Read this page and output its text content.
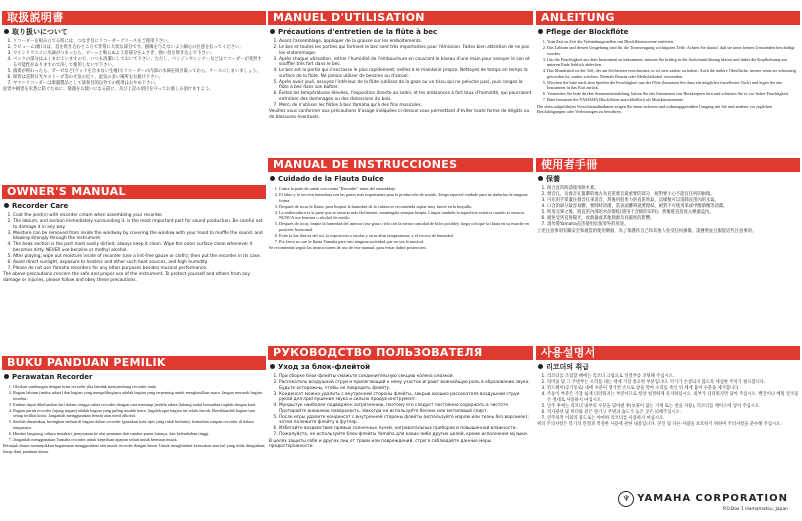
取扱説明書
取り扱いについて
1. リコーダーを組み立てる時には、つなぎ目にリコーダーグリースをご使用下さい。
2. ラビューム(歌口)は、息を吹き込むところで非常に大切な部分です。損傷を与えないよう細心の注意を払ってください。
3. ウインドウエイに水滴がつまったら、ピーっと鳴らぬよう窓部分をふさぎ、強い息を吹き込んで下さい。
4. ベックの部分はふくまれていますので、いつも清潔にしておいて下さい。ただし、ベンジンやシンナーなどはリコーダーが変形する可能性がありますので決して使用しないで下さい。
5. 演奏が終わったら、ガーゼなど(ウッドを含まない生地)でリコーダーの内部の水滴を拭き取ってから、ケースにしまいましょう。
6. 保管は直射日光やストーブ等の火気の近く、湿気の多い場所をお避け下さい。
7. ヤマハリコーダーは楽器製品として演奏目的以外での使用はおやめ下さい。

危害や損害を未然に防ぐために、楽器をお使いになる前に、及び上記の項目を守ってお楽しみ頂けますよう。

OWNER'S MANUAL
Recorder Care
1. Coat the joint(s) with recorder cream when assembling your recorder.
2. The labium, and section immediately surrounding it, is the most important part for sound production. Be careful not to damage it in any way.
3. Moisture can be removed from inside the windway by covering the window with your hand to muffle the sound, and blowing strongly through the instrument.
4. The beak section is the part most easily dirtied; always keep it clean. Wipe the outer surface clean whenever it becomes dirty. NEVER use benzine or methyl alcohol.
5. After playing, wipe out moisture inside of recorder (use a lint-free gauze or cloth); then put the recorder in its case.
6. Avoid direct sunlight, exposure to heaters and other such heat sources, and high humidity.
7. Please do not use Yamaha recorders for any other purposes besides musical performance.

The above precautions concern the safe and proper use of the instrument. To protect yourself and others from any damage or injuries, please follow and obey these precautions.

BUKU PANDUAN PEMILIK
Perawatan Recorder
1. Oleskan sambungan dengan krim recorder jika hendak menyambung recorder anda.
2. Bagian labium (mulut udara) dan bagian yang mengelilinginya adalah bagian yang terpenting untuk menghasilkan suara. Jangan merusak bagian tersebut.
3. Embun dapat dikeluarkan dari dalam rongga udara recorder dengan cara menutup jendela udara (lubang nada) kemudian tiuplah dengan kuat.
4. Bagian paruh recorder (ujung tiupan) adalah bagian yang paling mudah kotor. Jagalah agar bagian ini selalu bersih. Bersihkanlah bagian luar setiap terlihat kotor. Janganlah menggunakan bensin atau metil alkohol.
5. Setelah dimainkan, keringkan embun di bagian dalam recorder (gunakan kain tipis yang tidak berbulu); kemudian simpan recorder di dalam tempatnya.
6. Hindari langsung cahaya matahari, penyinaran ke alat pemanas dan sumber panas lainnya, dan kelembaban tinggi.
7. Janganlah menggunakan Yamaha recorder untuk keperluan apapun selain untuk bermain musik.

Petunjuk diatas menunjukkan bagaimana menggunakan alat musik recorder dengan benar. Untuk menghindari kerusakan atau hal yang tidak diinginkan; harap ikuti panduan diatas.

MANUEL D'UTILISATION
Précautions d'entretien de la flûte à bec
1. Avant l'assemblage, appliquer de la graisse sur les emboîtements.
2. Le bec et toutes les parties qui forment le bec sont très importantes pour l'émission. Faites bien attention de ne pas les endommager.
3. Après chaque utilisation, retirer l'humidité de l'embouchure en couvrant le biseau d'une main pour essayer le son et souffler très fort dans le bec.
4. Le bec est la partie qui s'encrasse le plus rapidement; veillez à le maintenir propre. Nettoyez de temps en temps la surface de la flûte. Ne jamais utiliser de benzine ou d'alcool.
5. Après avoir joué, essuyez l'intérieur de la flûte (utilisez de la gaze ou un tissu qui ne peluche pas), puis rangez la flûte à bec dans son boîtier.
6. Évitez les températures élevées, l'exposition directe au soleil, et les ambiances à fort taux d'humidité, qui pourraient entraîner des dommages ou des distorsions du bois.
7. Merci de n'utiliser les flûtes à bec Yamaha qu'à des fins musicales.

Veuillez vous conformer aux précautions d'usage indiquées ci-dessus vous permettant d'éviter toute forme de dégâts ou de blessures éventuels.

MANUAL DE INSTRUCCIONES
Cuidado de la Flauta Dulce
1. Cubra la parte de unión con crema "Recorder" antes del ensamblaje.
2. El labio y la sección inmediata son las partes más importantes para la producción de sonido. Tenga especial cuidado para no dañarlas de ninguna forma.
3. Después de tocar la flauta, para limpiar la humedad de la cabeza se recomienda soplar muy fuerte en la boquilla.
4. La embocadura es la parte que se ensucia más fácilmente; manténgala siempre limpia. Limpie también la superficie exterior cuando se ensucie. NUNCA use bencina o alcohol de metilo.
5. Después de tocar, limpie la humedad del interior (use gasa o tela con la menor cantidad de hilos posible); luego coloque la flauta en su estuche en posición horizontal.
6. Evite la luz directa del sol, la exposición a estufas y otras altas temperaturas, y el exceso de humedad.
7. Por favor no use la flauta Yamaha para otro ninguna actividad que no sea la musical.

Se recomienda seguir las instrucciones de uso de este manual, para evitar daños posteriores.

РУКОВОДСТВО ПОЛЬЗОВАТЕЛЯ
Уход за блок-флейтой
1. При сборке блок-флейты смажьте соединительную секцию колена смазкой.
2. Рассекатель воздушной струи и прилегающий к нему участок играют важнейшую роль в образовании звука. Будьте осторожны, чтобы не повредить флейту.
3. Конденсат можно удалить с внутренней стороны флейты, закрыв окошко рассекателя воздушной струи рукой для приглушения звука и сильно продув инструмент.
4. Мундштук наиболее подвержен загрязнению, поэтому его следует постоянно содержать в чистоте. Протирайте внешнюю поверхность. Никогда не используйте бензин или метиловый спирт.
5. После игры удалите конденсат с внутренней стороны флейты (используйте марлю или ткань без ворсинок); затем положите флейту в футляр.
6. Избегайте воздействия прямых солнечных лучей, нагревательных приборов и повышенной влажности.
7. Пожалуйста, не используйте блок-флейты Yamaha для каких-либо других целей, кроме исполнения музыки.

В целях защиты себя и других лиц от травм или повреждений, строго соблюдайте данные меры предосторожности.

ANLEITUNG
Pflege der Blockflöte
1. Vom Zeit zu Zeit die Verbindungsstellen mit Blockflötenscreme einfetten.
2. Das Labium und dessen Umgebung sind für die Tonerzeugung wichtigsten Teile. Achten Sie darauf, daß sie unter keinen Umständen beschädigt werden.
3. Um die Feuchtigkeit aus dem Instrument zu bekommen, müssen Sie kräftig in die Aufschnittöffnung blasen und dabei die Kopfbohrung am unteren Ende lieblich abdecken.
4. Das Mundstück ist der Teil, der am leichtesten verschmutzt; es ist stets sauber zu halten. Auch die äußere Oberfläche, immer wenn sie schmutzig geworden ist, sauber wischen. Niemals Benzin oder Methylalkohol verwenden.
5. Wischen Sie bitte nach dem Spielen die Feuchtigkeit aus der Flöte (benutzen Sie dazu ein möglichst fusselfreies Tuch) und legen Sie das Instrument in das Etui zurück.
6. Vermeiden Sie bitte direkte Sonneneinstrahlung, halten Sie das Instrument von Heizkörpern fern und schützen Sie es vor hoher Feuchtigkeit.
7. Bitte benutzen Sie YAMAHA Blockflöten ausschließlich als Musikinstrumente.

Die oben aufgeführten Vorsichtsmaßnahmen zeigen Ihr einen sicheren und ordnungsgemäßen Umgang mit Sie und anderer vor jeglichen Beschädigungen oder Verletzungen zu bewahren.

使用者手冊
保養
1. 組合直笛時請使用軟木膏。
2. 發音孔，及發音孔緊鄰的地方為直笛發音最重要的部分，絕對要小心不能有任何的損傷。
3. 可先用手掌蓋住發音孔來消音，然後用很用力的直笛吹氣，這樣便可以清除直笛內的水氣。
4. 口含的部分最容易髒，要時時清潔，當表面髒時就要擦拭，絕對不可使用苯或甲醇酒精等清潔。
5. 吹奏完畢之後，將直笛內部的水份擦乾(使用不含棉的布料)；然後將直笛放入樂器盒內。
6. 避免受到直射陽光，放熱器或其他熱源及高濕度的影響。
7. 請勿將Yamaha直笛使用於演奏外的用途。

上述注意事項有關安全和適當的使用樂器，為了保護你自己和其他人免受任何損傷，請遵照並且服從這些注意事項。

사용설명서
리코더의 취급
1. 리코더를 조립할 때에는 리코더 크림으로 연결부를 코팅해 주십시오.
2. 라비움 및 그 주변부는 소리를 내는 데에 가장 중요한 부분입니다. 악기가 손상되지 않도록 세심한 주의가 필요합니다.
3. 윈드웨이(공기통로) 내에 수분이 생기면 손으로 창을 막아 소리를 죽인 뒤 세게 불어 수분을 제거합니다.
4. 주둥이 부분은 가장 쉽게 더러워지는 부분이므로 항상 청결하게 유지하십시오. 외부가 더러워지면 닦아 주십시오. 벤진이나 메틸 알코올은 절대로 사용하지 마십시오.
5. 연주 후에는 리코더 내부의 수분을 닦아낸 후(보풀이 없는 가제 또는 천을 사용), 리코더를 케이스에 넣어 주십시오.
6. 직사광선 및 히터와 같은 열기구 주변과 습도가 높은 곳은 피해주십시오.
7. 연주목적 이외의 용도로는 야마하 리코더를 사용하지 마십시오.

위의 주의사항은 악기의 안전과 적절한 사용에 관한 내용입니다. 본인 및 다른 사람을 보호하기 위하여 주의사항을 준수해 주십시오.

♆ YAMAHA CORPORATION
P.O.Box 1 Hamamatsu, Japan
